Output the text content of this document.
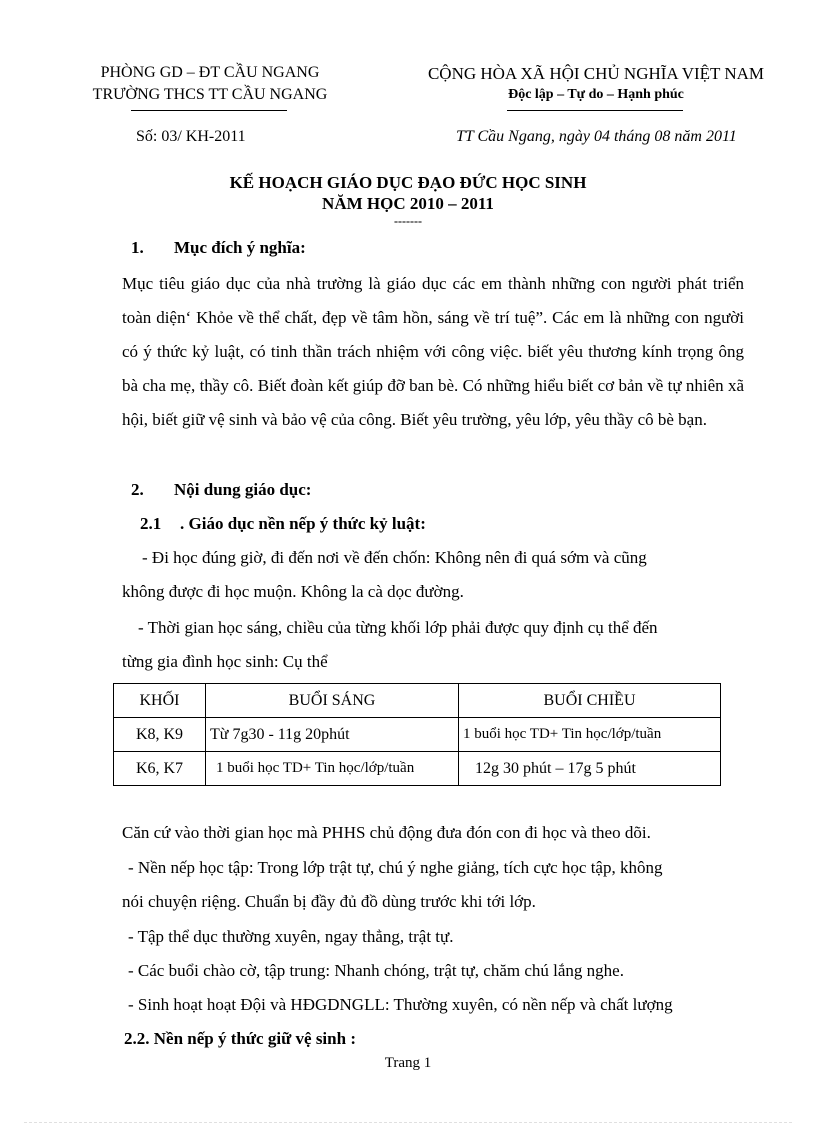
PHÒNG GD – ĐT CẦU NGANG
TRƯỜNG THCS TT CẦU NGANG
CỘNG HÒA XÃ HỘI CHỦ NGHĨA VIỆT NAM
Độc lập – Tự do – Hạnh phúc
Số: 03/ KH-2011	TT Cầu Ngang, ngày 04 tháng 08 năm 2011
KẾ HOẠCH GIÁO DỤC ĐẠO ĐỨC HỌC SINH
NĂM HỌC 2010 – 2011
-------
1. Mục đích ý nghĩa:
Mục tiêu giáo dục của nhà trường là giáo dục các em thành những con người phát triển toàn diện‘ Khỏe về thể chất, đẹp về tâm hồn, sáng về trí tuệ”. Các em là những con người có ý thức kỷ luật, có tinh thần trách nhiệm với công việc. biết yêu thương kính trọng ông bà cha mẹ, thầy cô. Biết đoàn kết giúp đỡ ban bè. Có những hiểu biết cơ bản về tự nhiên xã hội, biết giữ vệ sinh và bảo vệ của công. Biết yêu trường, yêu lớp, yêu thầy cô bè bạn.
2. Nội dung giáo dục:
2.1 . Giáo dục nền nếp ý thức kỷ luật:
- Đi học đúng giờ, đi đến nơi về đến chốn: Không nên đi quá sớm và cũng
không được đi học muộn. Không la cà dọc đường.
- Thời gian học sáng, chiều của từng khối lớp phải được quy định cụ thể đến
từng gia đình học sinh: Cụ thể
KHỐI	BUỔI SÁNG	BUỔI CHIỀU
K8, K9	Từ 7g30 - 11g 20phút	1 buổi học TD+ Tin học/lớp/tuần
K6, K7	1 buổi học TD+ Tin học/lớp/tuần	12g 30 phút – 17g 5 phút
Căn cứ vào thời gian học mà PHHS chủ động đưa đón con đi học và theo dõi.
- Nền nếp học tập: Trong lớp trật tự, chú ý nghe giảng, tích cực học tập, không
nói chuyện riệng. Chuẩn bị đầy đủ đồ dùng trước khi tới lớp.
- Tập thể dục thường xuyên, ngay thẳng, trật tự.
- Các buổi chào cờ, tập trung: Nhanh chóng, trật tự, chăm chú lắng nghe.
- Sinh hoạt hoạt Đội và HĐGDNGLL: Thường xuyên, có nền nếp và chất lượng
2.2. Nền nếp ý thức giữ vệ sinh :
Trang 1
